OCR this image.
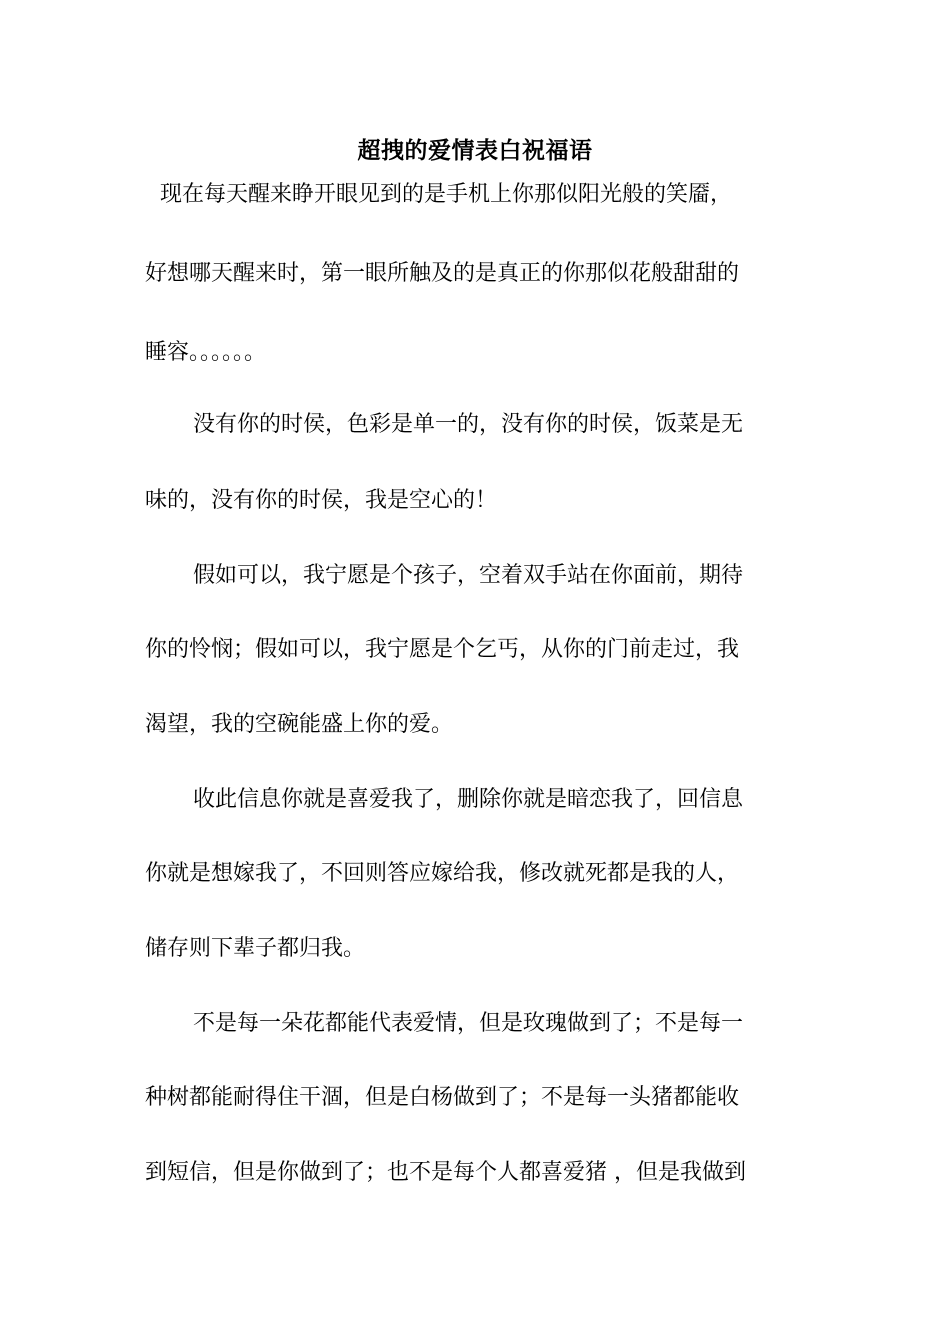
超拽的爱情表白祝福语
现在每天醒来睁开眼见到的是手机上你那似阳光般的笑靥，
好想哪天醒来时，第一眼所触及的是真正的你那似花般甜甜的
睡容。。。。。。
没有你的时侯，色彩是单一的，没有你的时侯，饭菜是无
味的，没有你的时侯，我是空心的！
假如可以，我宁愿是个孩子，空着双手站在你面前，期待
你的怜悯；假如可以，我宁愿是个乞丐，从你的门前走过，我
渴望，我的空碗能盛上你的爱。
收此信息你就是喜爱我了，删除你就是暗恋我了，回信息
你就是想嫁我了，不回则答应嫁给我，修改就死都是我的人，
储存则下辈子都归我。
不是每一朵花都能代表爱情，但是玫瑰做到了；不是每一
种树都能耐得住干涸，但是白杨做到了；不是每一头猪都能收
到短信，但是你做到了；也不是每个人都喜爱猪 ，但是我做到
